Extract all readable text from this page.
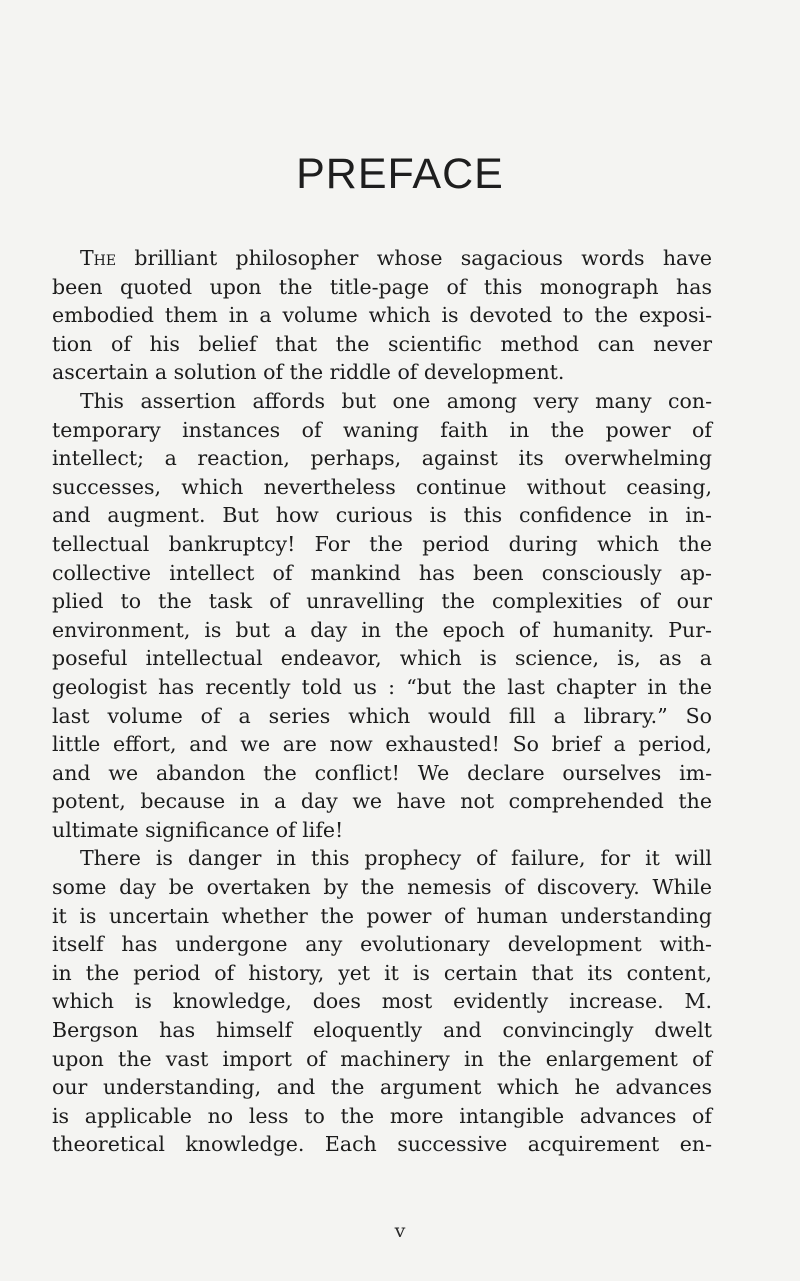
PREFACE
The brilliant philosopher whose sagacious words have
been quoted upon the title-page of this monograph has
embodied them in a volume which is devoted to the exposi-
tion of his belief that the scientific method can never
ascertain a solution of the riddle of development.
This assertion affords but one among very many con-
temporary instances of waning faith in the power of
intellect; a reaction, perhaps, against its overwhelming
successes, which nevertheless continue without ceasing,
and augment. But how curious is this confidence in in-
tellectual bankruptcy! For the period during which the
collective intellect of mankind has been consciously ap-
plied to the task of unravelling the complexities of our
environment, is but a day in the epoch of humanity. Pur-
poseful intellectual endeavor, which is science, is, as a
geologist has recently told us : “but the last chapter in the
last volume of a series which would fill a library.” So
little effort, and we are now exhausted! So brief a period,
and we abandon the conflict! We declare ourselves im-
potent, because in a day we have not comprehended the
ultimate significance of life!
There is danger in this prophecy of failure, for it will
some day be overtaken by the nemesis of discovery. While
it is uncertain whether the power of human understanding
itself has undergone any evolutionary development with-
in the period of history, yet it is certain that its content,
which is knowledge, does most evidently increase. M.
Bergson has himself eloquently and convincingly dwelt
upon the vast import of machinery in the enlargement of
our understanding, and the argument which he advances
is applicable no less to the more intangible advances of
theoretical knowledge. Each successive acquirement en-
v
